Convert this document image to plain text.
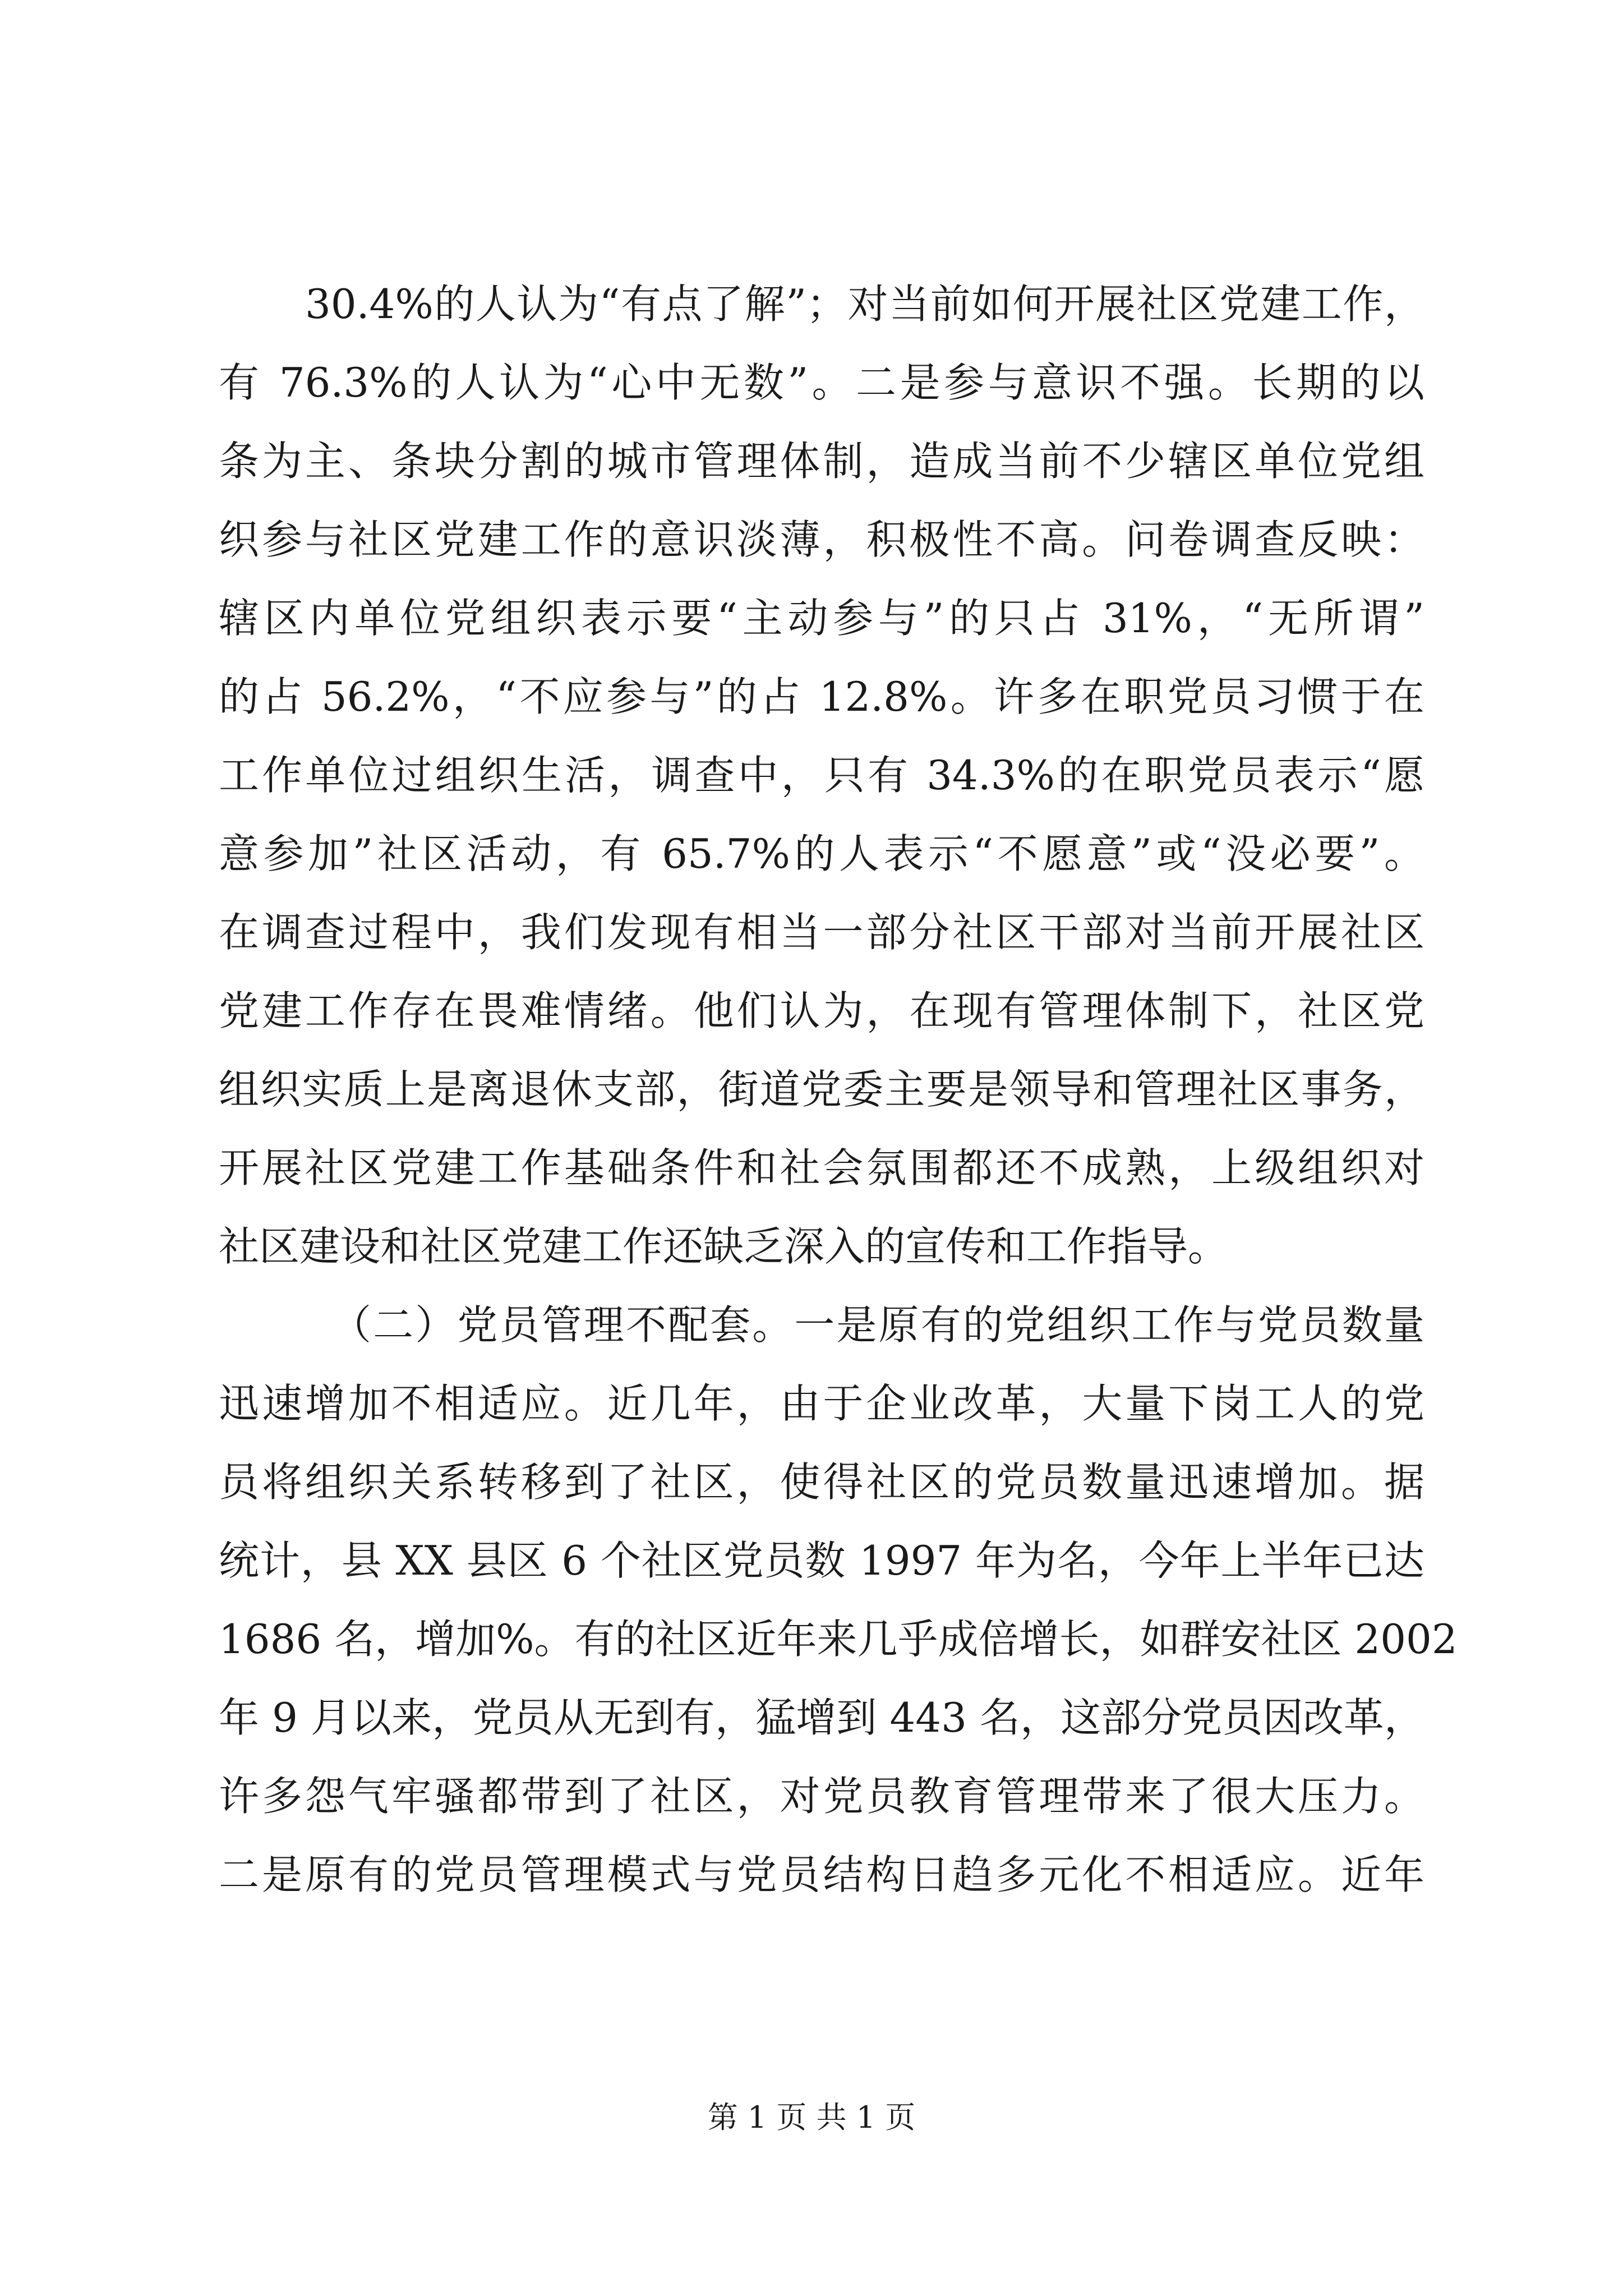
30.4%的人认为“有点了解”；对当前如何开展社区党建工作，
有 76.3%的人认为“心中无数”。二是参与意识不强。长期的以
条为主、条块分割的城市管理体制，造成当前不少辖区单位党组
织参与社区党建工作的意识淡薄，积极性不高。问卷调查反映：
辖区内单位党组织表示要“主动参与”的只占 31%，“无所谓”
的占 56.2%，“不应参与”的占 12.8%。许多在职党员习惯于在
工作单位过组织生活，调查中，只有 34.3%的在职党员表示“愿
意参加”社区活动，有 65.7%的人表示“不愿意”或“没必要”。
在调查过程中，我们发现有相当一部分社区干部对当前开展社区
党建工作存在畏难情绪。他们认为，在现有管理体制下，社区党
组织实质上是离退休支部，街道党委主要是领导和管理社区事务，
开展社区党建工作基础条件和社会氛围都还不成熟，上级组织对
社区建设和社区党建工作还缺乏深入的宣传和工作指导。
（二）党员管理不配套。一是原有的党组织工作与党员数量
迅速增加不相适应。近几年，由于企业改革，大量下岗工人的党
员将组织关系转移到了社区，使得社区的党员数量迅速增加。据
统计，县 XX 县区 6 个社区党员数 1997 年为名，今年上半年已达
1686 名，增加%。有的社区近年来几乎成倍增长，如群安社区 2002
年 9 月以来，党员从无到有，猛增到 443 名，这部分党员因改革，
许多怨气牢骚都带到了社区，对党员教育管理带来了很大压力。
二是原有的党员管理模式与党员结构日趋多元化不相适应。近年
第 1 页 共 1 页
